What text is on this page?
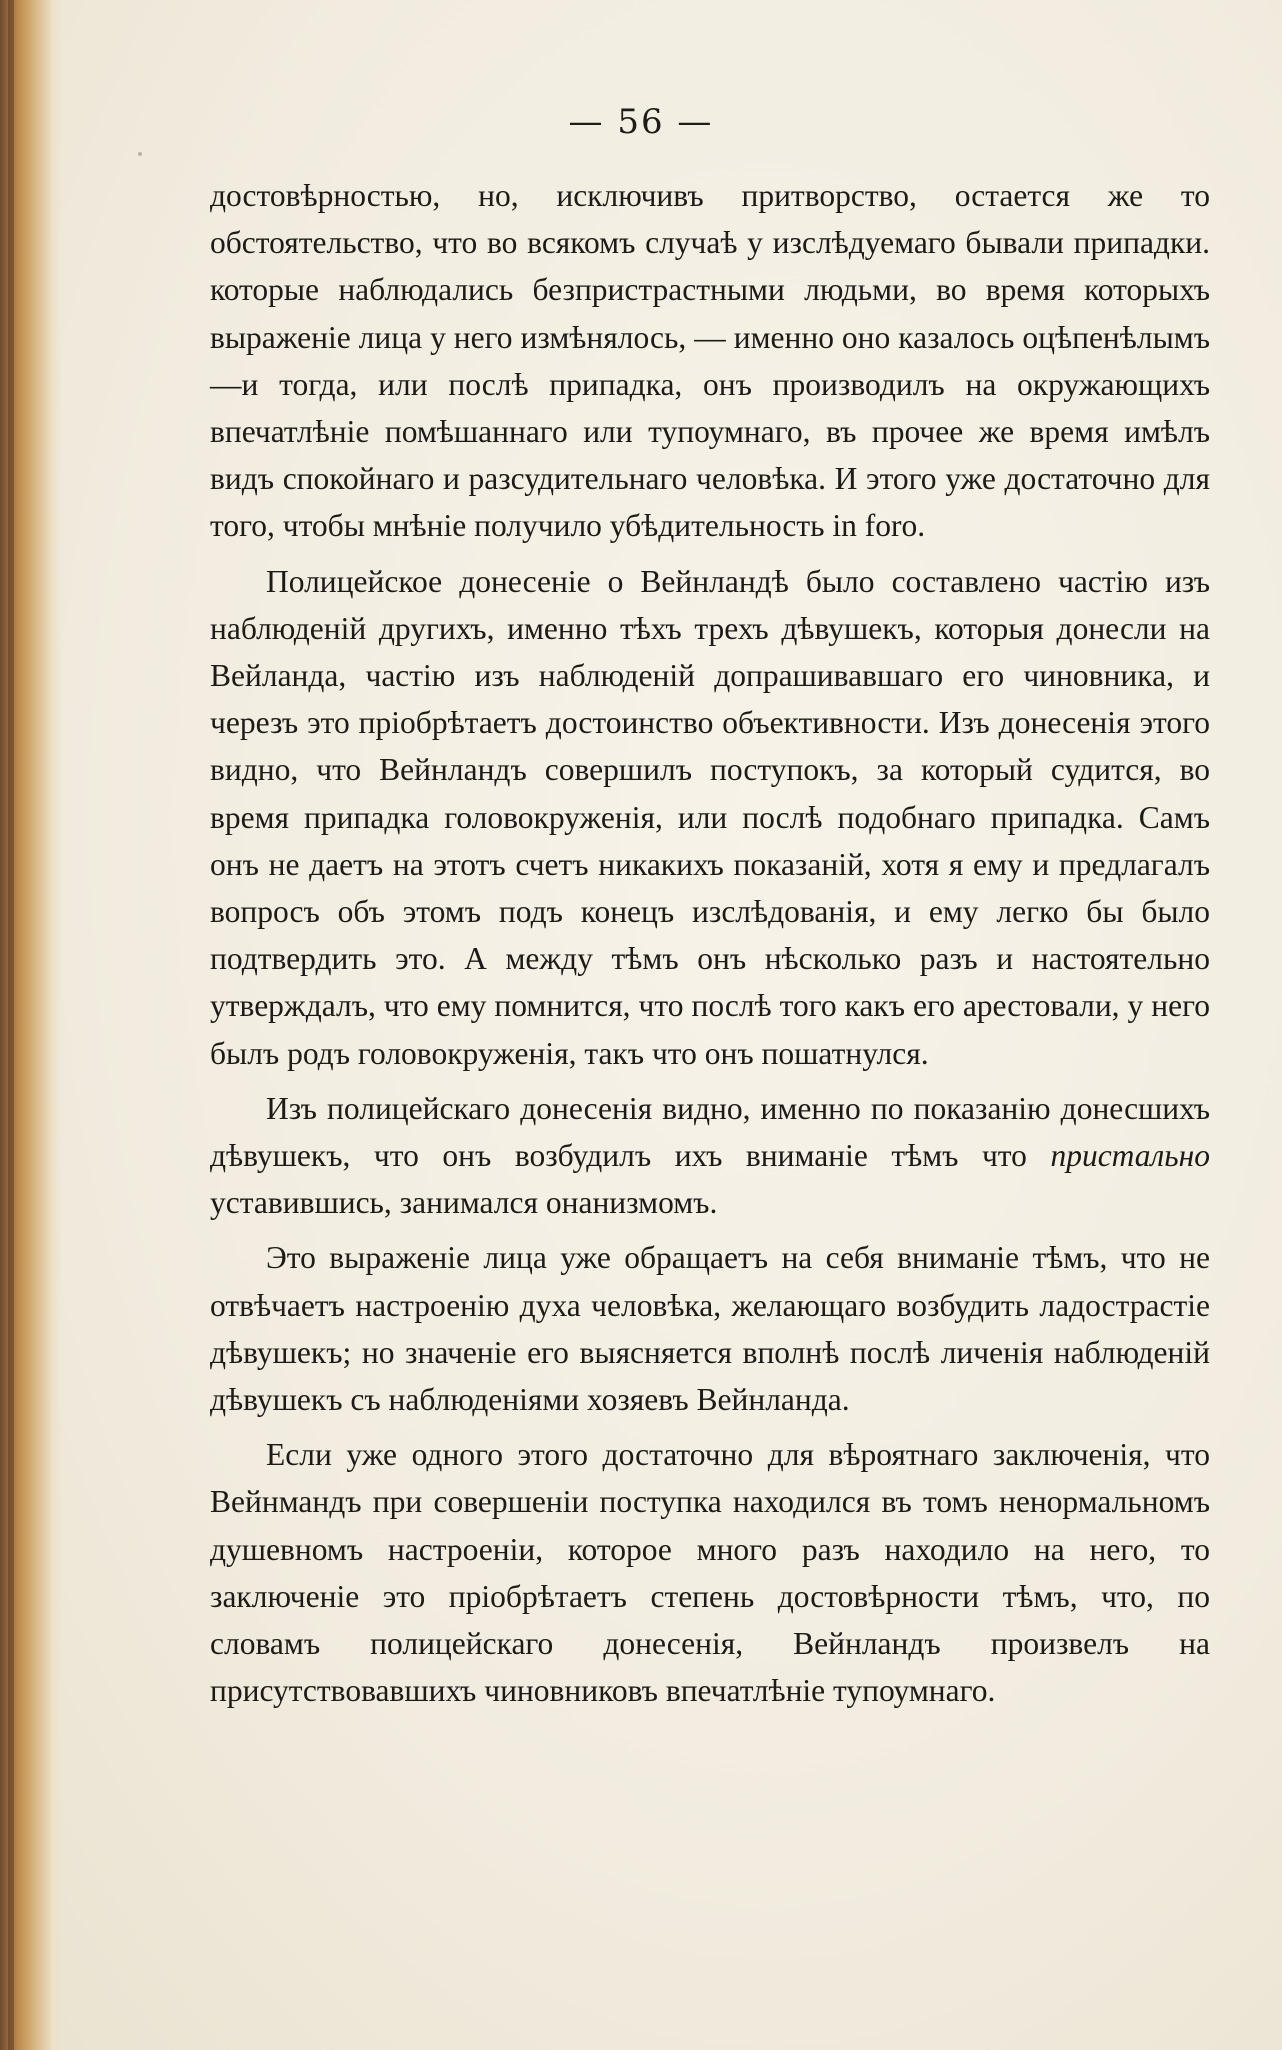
— 56 —

достовѣрностью, но, исключивъ притворство, остается же то обстоятельство, что во всякомъ случаѣ у изслѣдуемаго бывали припадки. которые наблюдались безпристрастными людьми, во время которыхъ выраженіе лица у него измѣнялось, — именно оно казалось оцѣпенѣлымъ—и тогда, или послѣ припадка, онъ производилъ на окружающихъ впечатлѣніе помѣшаннаго или тупоумнаго, въ прочее же время имѣлъ видъ спокойнаго и разсудительнаго человѣка. И этого уже достаточно для того, чтобы мнѣніе получило убѣдительность in foro.

Полицейское донесеніе о Вейнландѣ было составлено частію изъ наблюденій другихъ, именно тѣхъ трехъ дѣвушекъ, которыя донесли на Вейланда, частію изъ наблюденій допрашивавшаго его чиновника, и черезъ это пріобрѣтаетъ достоинство объективности. Изъ донесенія этого видно, что Вейнландъ совершилъ поступокъ, за который судится, во время припадка головокруженія, или послѣ подобнаго припадка. Самъ онъ не даетъ на этотъ счетъ никакихъ показаній, хотя я ему и предлагалъ вопросъ объ этомъ подъ конецъ изслѣдованія, и ему легко бы было подтвердить это. А между тѣмъ онъ нѣсколько разъ и настоятельно утверждалъ, что ему помнится, что послѣ того какъ его арестовали, у него былъ родъ головокруженія, такъ что онъ пошатнулся.

Изъ полицейскаго донесенія видно, именно по показанію донесшихъ дѣвушекъ, что онъ возбудилъ ихъ вниманіе тѣмъ что пристально уставившись, занимался онанизмомъ.

Это выраженіе лица уже обращаетъ на себя вниманіе тѣмъ, что не отвѣчаетъ настроенію духа человѣка, желающаго возбудить ладострастіе дѣвушекъ; но значеніе его выясняется вполнѣ послѣ личенія наблюденій дѣвушекъ съ наблюденіями хозяевъ Вейнланда.

Если уже одного этого достаточно для вѣроятнаго заключенія, что Вейнмандъ при совершеніи поступка находился въ томъ ненормальномъ душевномъ настроеніи, которое много разъ находило на него, то заключеніе это пріобрѣтаетъ степень достовѣрности тѣмъ, что, по словамъ полицейскаго донесенія, Вейнландъ произвелъ на присутствовавшихъ чиновниковъ впечатлѣніе тупоумнаго.
